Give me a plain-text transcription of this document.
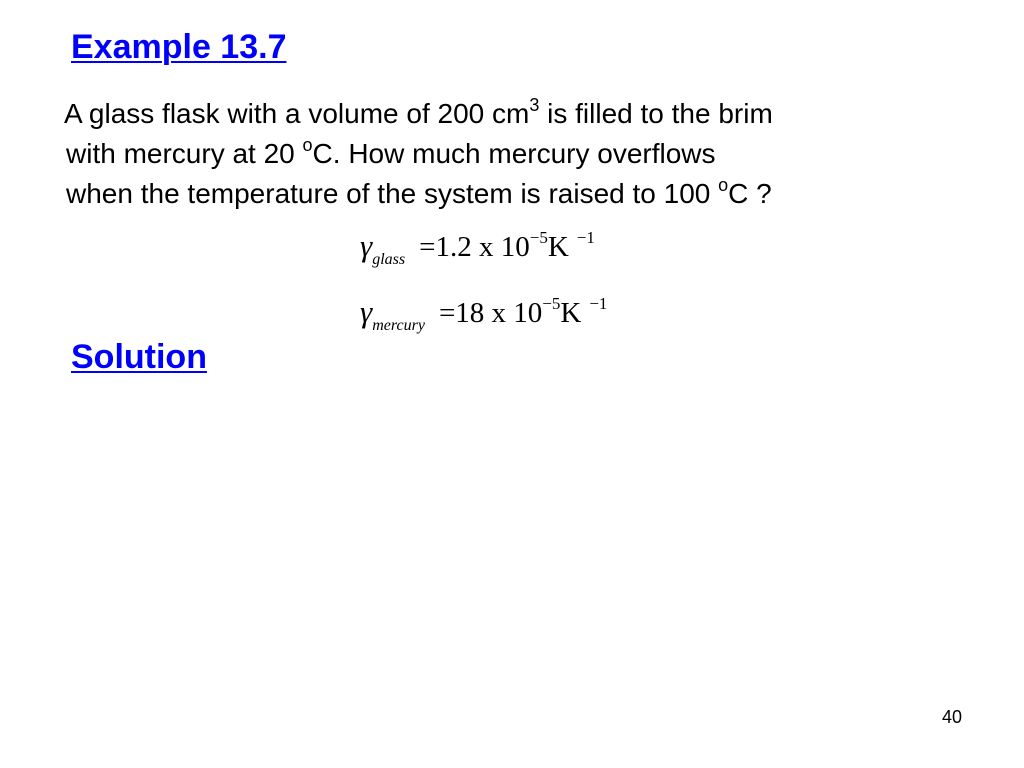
Example 13.7
A glass flask with a volume of 200 $cm^3$ is filled to the brim
with mercury at 20 $^o$C. How much mercury overflows
when the temperature of the system is raised to 100 $^o$C ?
$\gamma_{glass} =1.2$ x $10^{-5}K$ $^{-1}$
$\gamma_{mercury} =18$ x $10^{-5}K$ $^{-1}$
Solution
40
